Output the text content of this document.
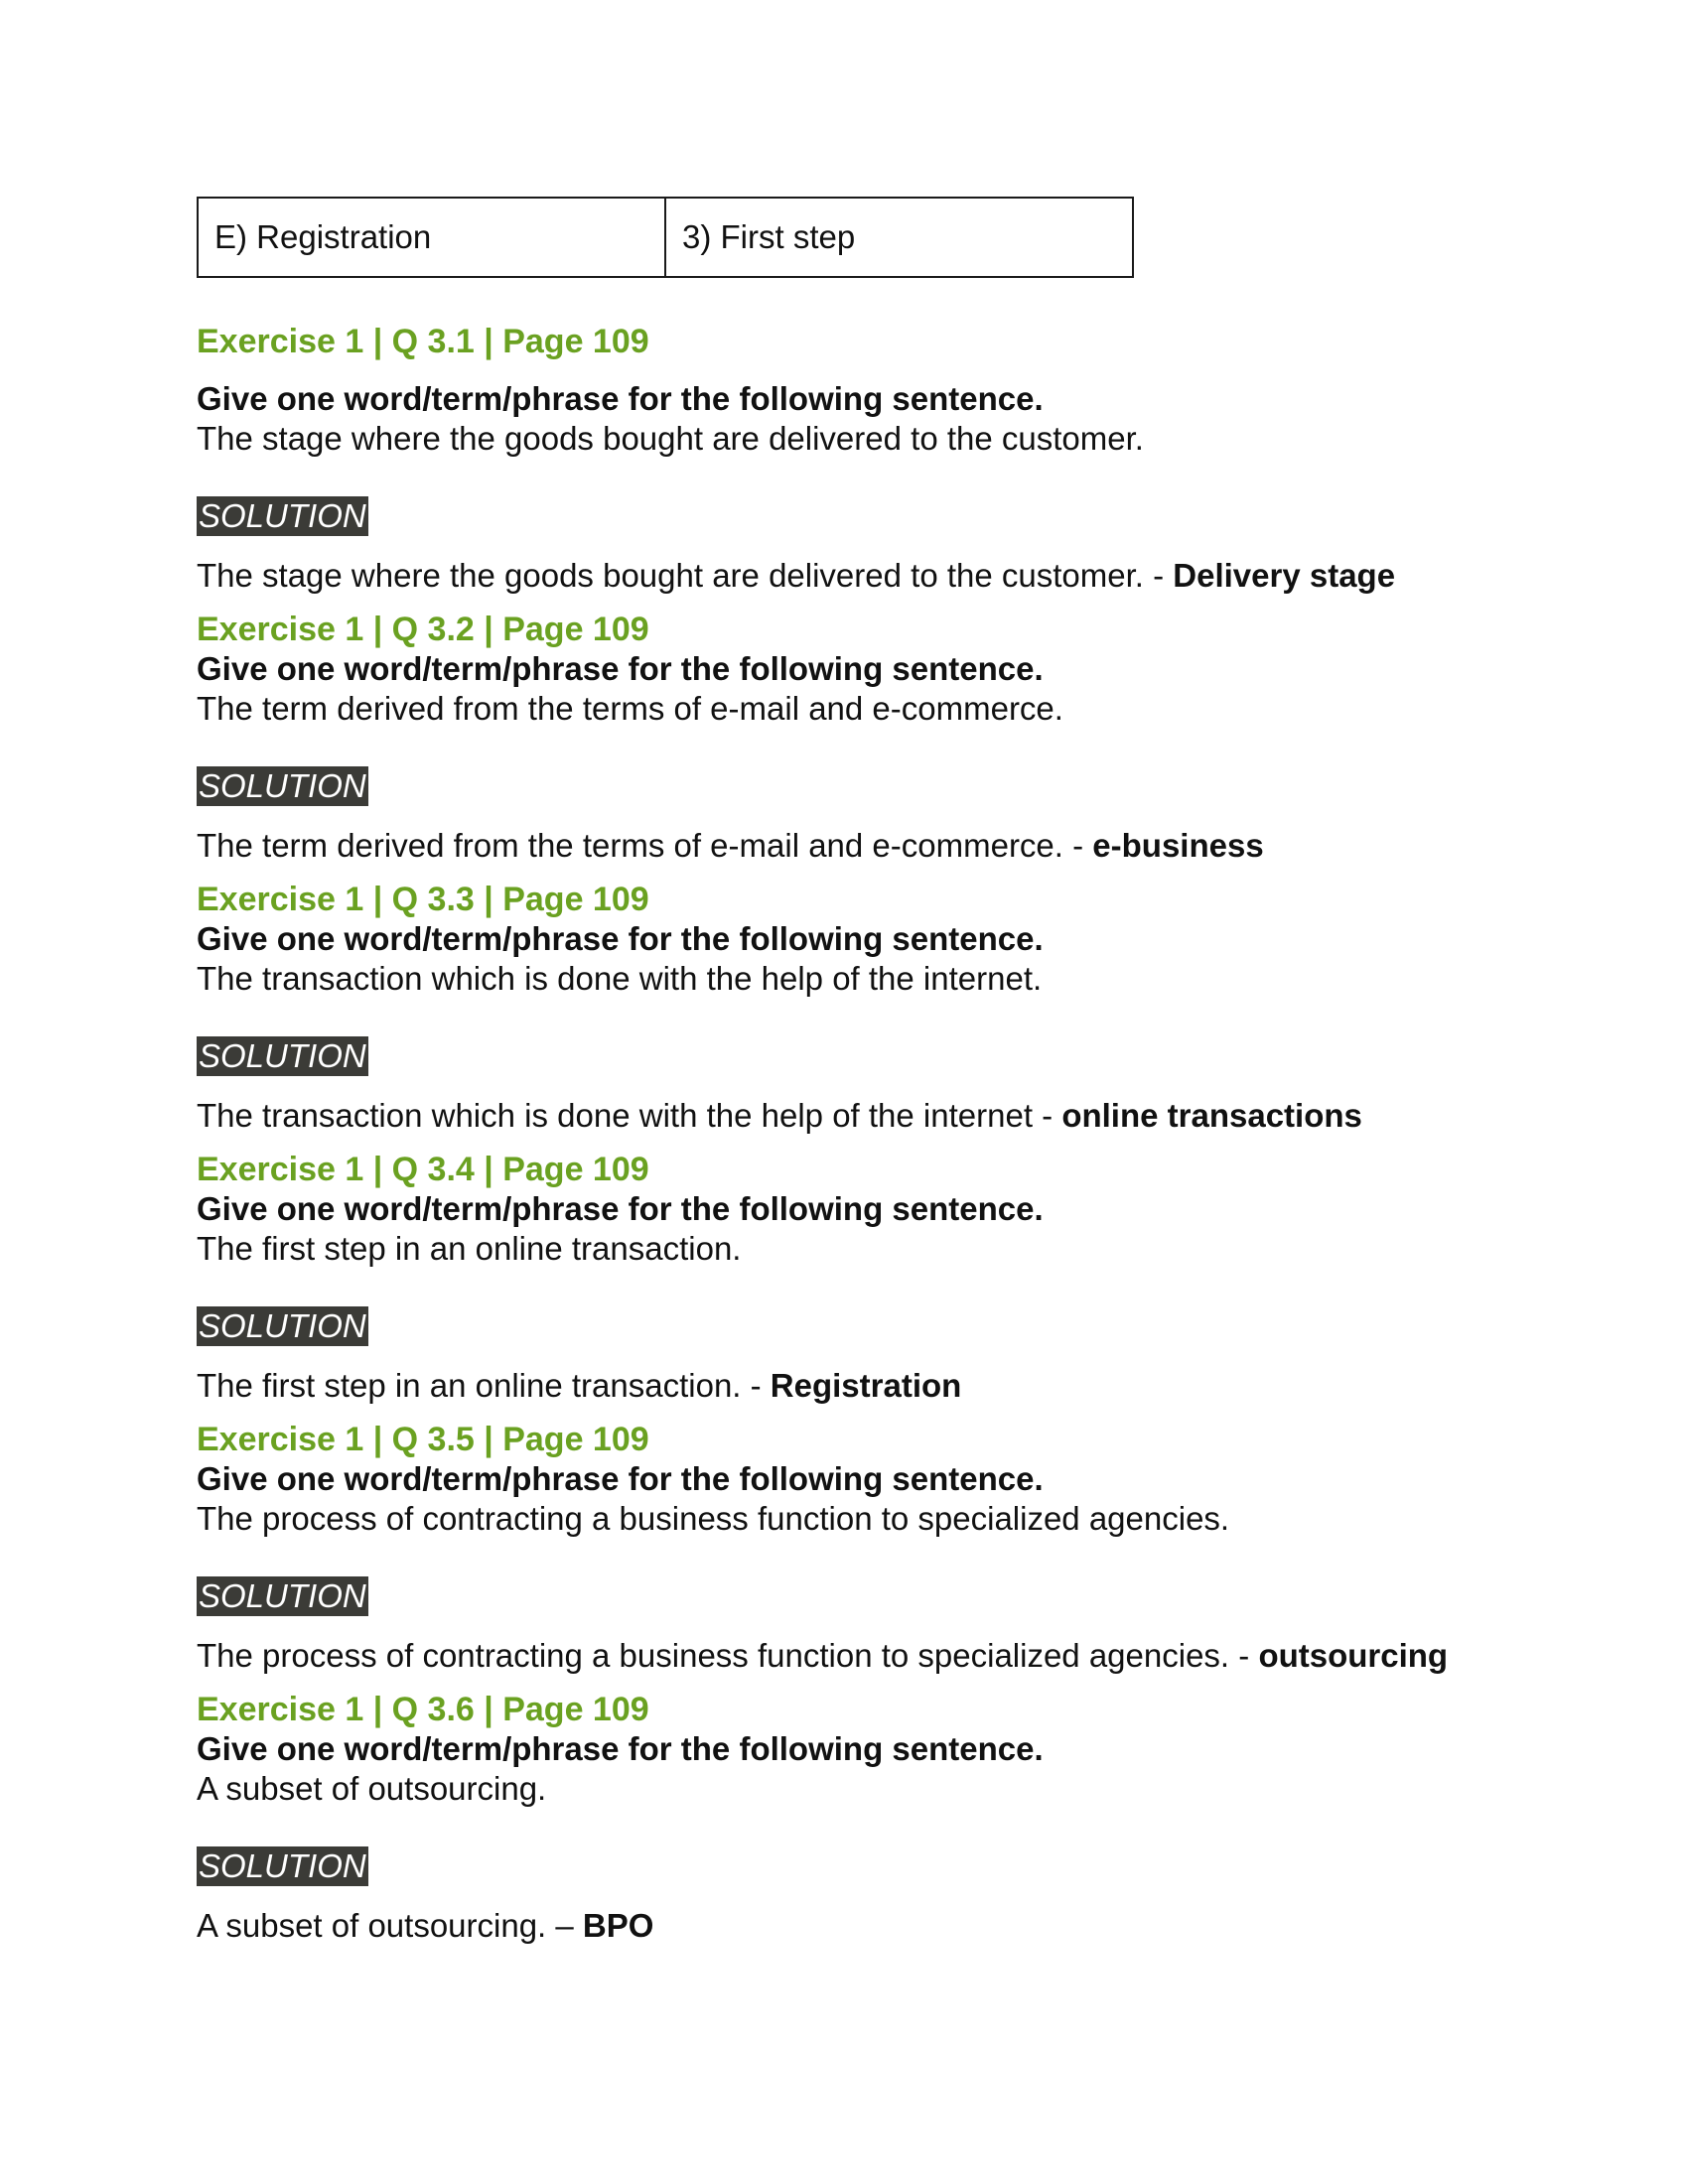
E) Registration	3) First step

Exercise 1 | Q 3.1 | Page 109

Give one word/term/phrase for the following sentence.

The stage where the goods bought are delivered to the customer.

SOLUTION

The stage where the goods bought are delivered to the customer. - Delivery stage

Exercise 1 | Q 3.2 | Page 109

Give one word/term/phrase for the following sentence.

The term derived from the terms of e-mail and e-commerce.

SOLUTION

The term derived from the terms of e-mail and e-commerce. - e-business

Exercise 1 | Q 3.3 | Page 109

Give one word/term/phrase for the following sentence.

The transaction which is done with the help of the internet.

SOLUTION

The transaction which is done with the help of the internet - online transactions

Exercise 1 | Q 3.4 | Page 109

Give one word/term/phrase for the following sentence.

The first step in an online transaction.

SOLUTION

The first step in an online transaction. - Registration

Exercise 1 | Q 3.5 | Page 109

Give one word/term/phrase for the following sentence.

The process of contracting a business function to specialized agencies.

SOLUTION

The process of contracting a business function to specialized agencies. - outsourcing

Exercise 1 | Q 3.6 | Page 109

Give one word/term/phrase for the following sentence.

A subset of outsourcing.

SOLUTION

A subset of outsourcing. – BPO
